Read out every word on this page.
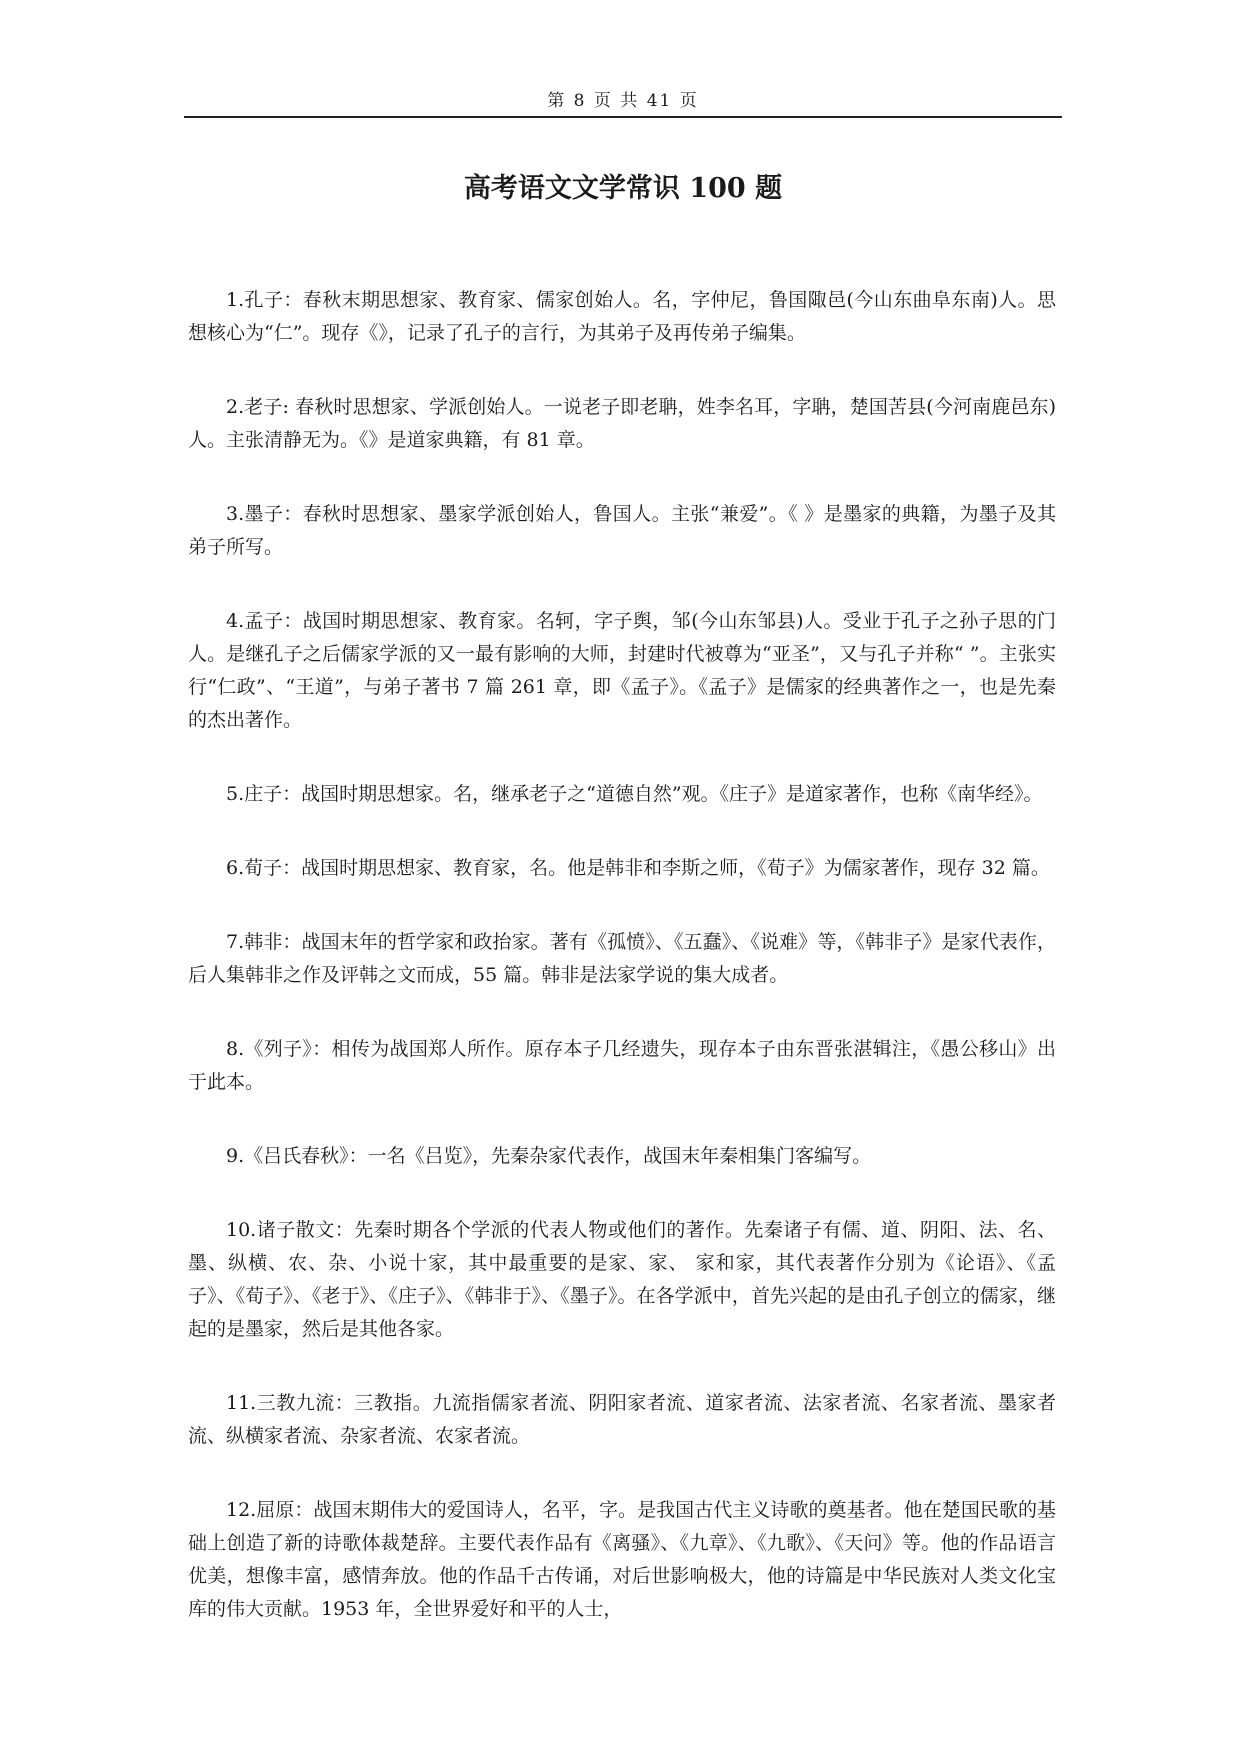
第 8 页 共 41 页
高考语文文学常识 100 题

1.孔子：春秋末期思想家、教育家、儒家创始人。名，字仲尼，鲁国陬邑(今山东曲阜东南)人。思想核心为“仁”。现存《》，记录了孔子的言行，为其弟子及再传弟子编集。

2.老子: 春秋时思想家、学派创始人。一说老子即老聃，姓李名耳，字聃，楚国苦县(今河南鹿邑东)人。主张清静无为。《》是道家典籍，有 81 章。

3.墨子：春秋时思想家、墨家学派创始人，鲁国人。主张“兼爱”。《 》是墨家的典籍，为墨子及其弟子所写。

4.孟子：战国时期思想家、教育家。名轲，字子舆，邹(今山东邹县)人。受业于孔子之孙子思的门人。是继孔子之后儒家学派的又一最有影响的大师，封建时代被尊为“亚圣”，又与孔子并称“ ”。主张实行“仁政”、“王道”，与弟子著书 7 篇 261 章，即《孟子》。《孟子》是儒家的经典著作之一，也是先秦的杰出著作。

5.庄子：战国时期思想家。名，继承老子之“道德自然”观。《庄子》是道家著作，也称《南华经》。

6.荀子：战国时期思想家、教育家，名。他是韩非和李斯之师，《荀子》为儒家著作，现存 32 篇。

7.韩非：战国末年的哲学家和政抬家。著有《孤愤》、《五蠢》、《说难》等，《韩非子》是家代表作，后人集韩非之作及评韩之文而成，55 篇。韩非是法家学说的集大成者。

8.《列子》：相传为战国郑人所作。原存本子几经遗失，现存本子由东晋张湛辑注，《愚公移山》出于此本。

9.《吕氏春秋》：一名《吕览》，先秦杂家代表作，战国末年秦相集门客编写。

10.诸子散文：先秦时期各个学派的代表人物或他们的著作。先秦诸子有儒、道、阴阳、法、名、墨、纵横、农、杂、小说十家，其中最重要的是家、家、 家和家，其代表著作分别为《论语》、《孟子》、《荀子》、《老于》、《庄子》、《韩非于》、《墨子》。在各学派中，首先兴起的是由孔子创立的儒家，继起的是墨家，然后是其他各家。

11.三教九流：三教指。九流指儒家者流、阴阳家者流、道家者流、法家者流、名家者流、墨家者流、纵横家者流、杂家者流、农家者流。

12.屈原：战国末期伟大的爱国诗人，名平，字。是我国古代主义诗歌的奠基者。他在楚国民歌的基础上创造了新的诗歌体裁楚辞。主要代表作品有《离骚》、《九章》、《九歌》、《天问》等。他的作品语言优美，想像丰富，感情奔放。他的作品千古传诵，对后世影响极大，他的诗篇是中华民族对人类文化宝库的伟大贡献。1953 年，全世界爱好和平的人士，
